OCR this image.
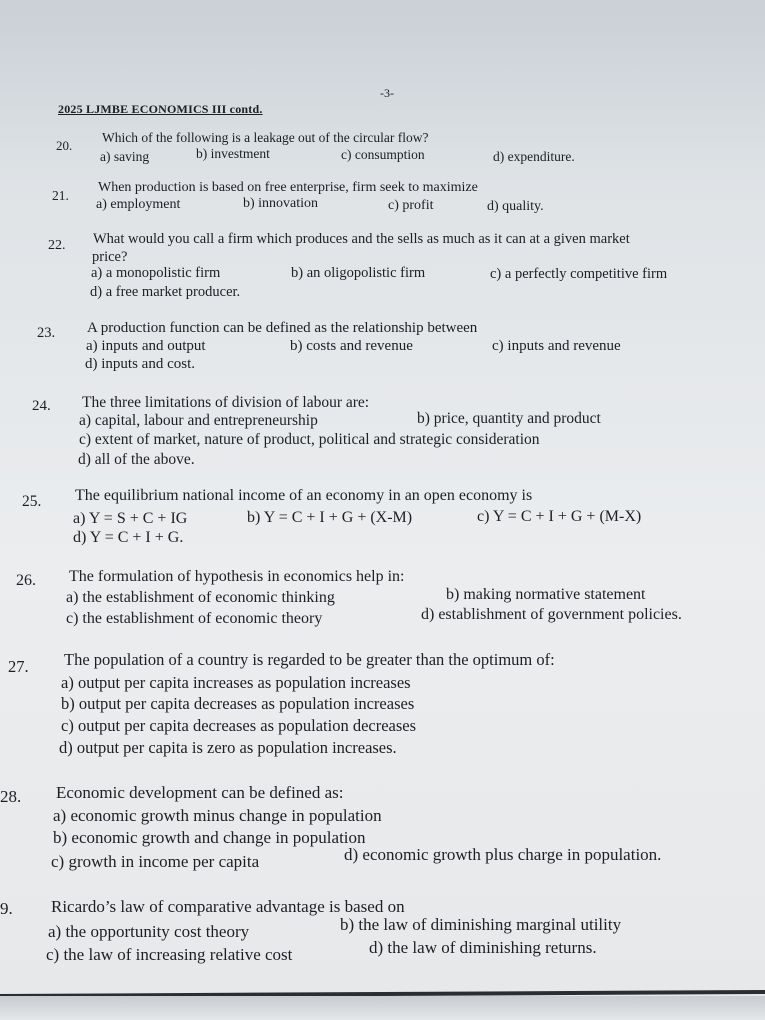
-3-
2025 LJMBE ECONOMICS III contd.
20.
Which of the following is a leakage out of the circular flow?
a) saving	b) investment	c) consumption	d) expenditure.
21.
When production is based on free enterprise, firm seek to maximize
a) employment	b) innovation	c) profit	d) quality.
22. What would you call a firm which produces and the sells as much as it can at a given market
price?
a) a monopolistic firm	b) an oligopolistic firm	c) a perfectly competitive firm
d) a free market producer.
23. A production function can be defined as the relationship between
a) inputs and output	b) costs and revenue	c) inputs and revenue
d) inputs and cost.
24. The three limitations of division of labour are:
a) capital, labour and entrepreneurship	b) price, quantity and product
c) extent of market, nature of product, political and strategic consideration
d) all of the above.
25. The equilibrium national income of an economy in an open economy is
a) Y = S + C + IG	b) Y = C + I + G + (X-M)	c) Y = C + I + G + (M-X)
d) Y = C + I + G.
26. The formulation of hypothesis in economics help in:
a) the establishment of economic thinking	b) making normative statement
c) the establishment of economic theory	d) establishment of government policies.
27. The population of a country is regarded to be greater than the optimum of:
a) output per capita increases as population increases
b) output per capita decreases as population increases
c) output per capita decreases as population decreases
d) output per capita is zero as population increases.
28. Economic development can be defined as:
a) economic growth minus change in population
b) economic growth and change in population
c) growth in income per capita	d) economic growth plus charge in population.
9. Ricardo’s law of comparative advantage is based on
a) the opportunity cost theory	b) the law of diminishing marginal utility
c) the law of increasing relative cost	d) the law of diminishing returns.
